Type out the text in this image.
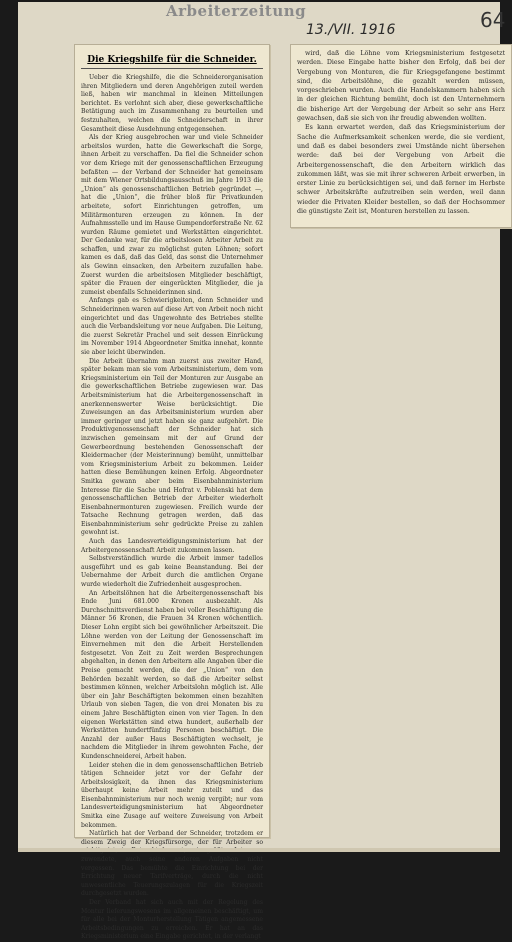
Arbeiterzeitung
13./VII. 1916	64
Die Kriegshilfe für die Schneider.

Ueber die Kriegshilfe, die die Schneiderorganisation ihren Mitgliedern und deren Angehörigen zuteil werden ließ, haben wir manchmal in kleinen Mitteilungen berichtet. Es verlohnt sich aber, diese gewerkschaftliche Betätigung auch im Zusammenhang zu beurteilen und festzuhalten, welchen die Schneiderschaft in ihrer Gesamtheit diese Ausdehnung entgegensehen.

Als der Krieg ausgebrochen war und viele Schneider arbeitslos wurden, hatte die Gewerkschaft die Sorge, ihnen Arbeit zu verschaffen. Da fiel die Schneider schon vor dem Kriege mit der genossenschaftlichen Erzeugung befaßten — der Verband der Schneider hat gemeinsam mit dem Wiener Ortsbildungsausschuß im Jahre 1913 die „Union“ als genossenschaftlichen Betrieb gegründet —, hat die „Union“, die früher bloß für Privatkunden arbeitete, sofort Einrichtungen getroffen, um Militärmonturen erzeugen zu können. In der Aufnahmsstelle und im Hause Gumpendorferstraße Nr. 62 wurden Räume gemietet und Werkstätten eingerichtet. Der Gedanke war, für die arbeitslosen Arbeiter Arbeit zu schaffen, und zwar zu möglichst guten Löhnen; sofort kamen es daß, daß das Geld, das sonst die Unternehmer als Gewinn einsacken, den Arbeitern zuzufallen habe. Zuerst wurden die arbeitslosen Mitglieder beschäftigt, später die Frauen der eingerückten Mitglieder, die ja zumeist ebenfalls Schneiderinnen sind.

Anfangs gab es Schwierigkeiten, denn Schneider und Schneiderinnen waren auf diese Art von Arbeit noch nicht eingerichtet und das Ungewohnte des Betriebes stellte auch die Verbandsleitung vor neue Aufgaben. Die Leitung, die zuerst Sekretär Prachel und seit dessen Einrückung im November 1914 Abgeordneter Smitka innehat, konnte sie aber leicht überwinden.

Die Arbeit übernahm man zuerst aus zweiter Hand, später bekam man sie vom Arbeitsministerium, dem vom Kriegsministerium ein Teil der Monturen zur Ausgabe an die gewerkschaftlichen Betriebe zugewiesen war. Das Arbeitsministerium hat die Arbeitergenossenschaft in anerkennenswerter Weise berücksichtigt. Die Zuweisungen an das Arbeitsministerium wurden aber immer geringer und jetzt haben sie ganz aufgehört. Die Produktivgenossenschaft der Schneider hat sich inzwischen gemeinsam mit der auf Grund der Gewerbeordnung bestehenden Genossenschaft der Kleidermacher (der Meisterinnung) bemüht, unmittelbar vom Kriegsministerium Arbeit zu bekommen. Leider hatten diese Bemühungen keinen Erfolg. Abgeordneter Smitka gewann aber beim Eisenbahnministerium Interesse für die Sache und Hofrat v. Poblenski hat dem genossenschaftlichen Betrieb der Arbeiter wiederholt Eisenbahnermonturen zugewiesen. Freilich wurde der Tatsache Rechnung getragen werden, daß das Eisenbahnministerium sehr gedrückte Preise zu zahlen gewohnt ist.

Auch das Landesverteidigungsministerium hat der Arbeitergenossenschaft Arbeit zukommen lassen.

Selbstverständlich wurde die Arbeit immer tadellos ausgeführt und es gab keine Beanstandung. Bei der Uebernahme der Arbeit durch die amtlichen Organe wurde wiederholt die Zufriedenheit ausgesprochen.

An Arbeitslöhnen hat die Arbeitergenossenschaft bis Ende Juni 681.000 Kronen ausbezahlt. Als Durchschnittsverdienst haben bei voller Beschäftigung die Männer 56 Kronen, die Frauen 34 Kronen wöchentlich. Dieser Lohn ergibt sich bei gewöhnlicher Arbeitszeit. Die Löhne werden von der Leitung der Genossenschaft im Einvernehmen mit den die Arbeit Herstellenden festgesetzt. Von Zeit zu Zeit werden Besprechungen abgehalten, in denen den Arbeitern alle Angaben über die Preise gemacht werden, die der „Union“ von den Behörden bezahlt werden, so daß die Arbeiter selbst bestimmen können, welcher Arbeitslohn möglich ist. Alle über ein Jahr Beschäftigten bekommen einen bezahlten Urlaub von sieben Tagen, die von drei Monaten bis zu einem Jahre Beschäftigten einen von vier Tagen. In den eigenen Werkstätten sind etwa hundert, außerhalb der Werkstätten hundertfünfzig Personen beschäftigt. Die Anzahl der außer Haus Beschäftigten wechselt, je nachdem die Mitglieder in ihrem gewohnten Fache, der Kundenschneiderei, Arbeit haben.

Leider stehen die in dem genossenschaftlichen Betrieb tätigen Schneider jetzt vor der Gefahr der Arbeitslosigkeit, da ihnen das Kriegsministerium überhaupt keine Arbeit mehr zuteilt und das Eisenbahnministerium nur noch wenig vergibt; nur vom Landesverteidigungsministerium hat Abgeordneter Smitka eine Zusage auf weitere Zuweisung von Arbeit bekommen.

Natürlich hat der Verband der Schneider, trotzdem er diesem Zweig der Kriegsfürsorge, der für Arbeiter so zuwendete, auch seine anderen Aufgaben nicht vergessen. Das bemühte die Einrichtung bei der Errichtung neuer Tarifverträge, durch die nicht unwesentliche Teuerungszulagen für die Kriegszeit durchgesetzt wurden.

Der Verband hat sich auch mit der Regelung des Montur lieferungswesens im allgemeinen beschäftigt, um für alle bei der Monturherstellung Tätigen angemessene Arbeitsbedingungen zu erreichen. Er hat an das Kriegsministerium eine Eingabe gerichtet, in der verlangt

wird, daß die Löhne vom Kriegsministerium festgesetzt werden. Diese Eingabe hatte bisher den Erfolg, daß bei der Vergebung von Monturen, die für Kriegsgefangene bestimmt sind, die Arbeitslöhne, die gezahlt werden müssen, vorgeschrieben wurden. Auch die Handelskammern haben sich in der gleichen Richtung bemüht, doch ist den Unternehmern die bisherige Art der Vergebung der Arbeit so sehr ans Herz gewachsen, daß sie sich von ihr freudig abwenden wollten.

Es kann erwartet werden, daß das Kriegsministerium der Sache die Aufmerksamkeit schenken werde, die sie verdient, und daß es dabei besonders zwei Umstände nicht übersehen werde: daß bei der Vergebung von Arbeit die Arbeitergenossenschaft, die den Arbeitern wirklich das zukommen läßt, was sie mit ihrer schweren Arbeit erwerben, in erster Linie zu berücksichtigen sei, und daß ferner im Herbste schwer Arbeitskräfte aufzutreiben sein werden, weil dann wieder die Privaten Kleider bestellen, so daß der Hochsommer die günstigste Zeit ist, Monturen herstellen zu lassen.
